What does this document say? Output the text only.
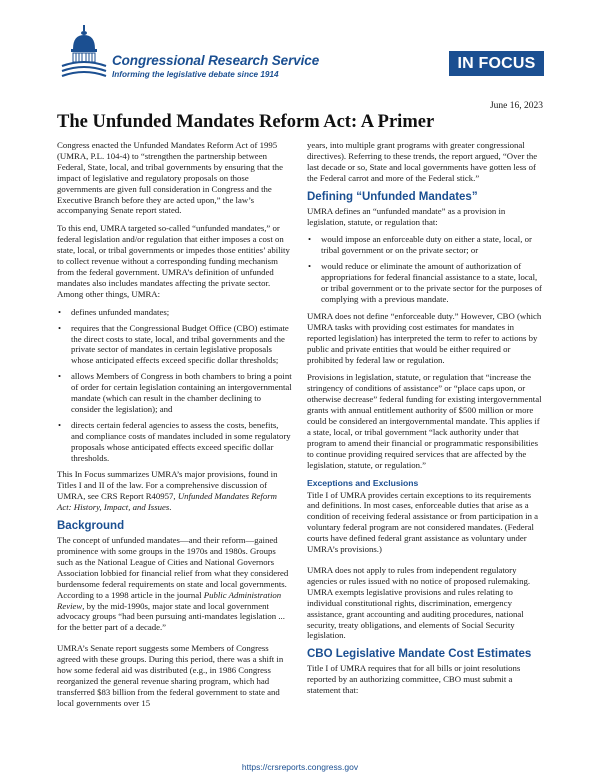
Congressional Research Service
Informing the legislative debate since 1914
IN FOCUS
June 16, 2023
The Unfunded Mandates Reform Act: A Primer

Congress enacted the Unfunded Mandates Reform Act of 1995 (UMRA, P.L. 104-4) to “strengthen the partnership between Federal, State, local, and tribal governments by ensuring that the impact of legislative and regulatory proposals on those governments are given full consideration in Congress and the Executive Branch before they are acted upon,” the law’s accompanying Senate report stated.

To this end, UMRA targeted so-called “unfunded mandates,” or federal legislation and/or regulation that either imposes a cost on state, local, or tribal governments or impedes those entities’ ability to collect revenue without a corresponding funding mechanism from the federal government. UMRA’s definition of unfunded mandates also includes mandates affecting the private sector. Among other things, UMRA:

• defines unfunded mandates;
• requires that the Congressional Budget Office (CBO) estimate the direct costs to state, local, and tribal governments and the private sector of mandates in certain legislative proposals whose anticipated effects exceed specific dollar thresholds;
• allows Members of Congress in both chambers to bring a point of order for certain legislation containing an intergovernmental mandate (which can result in the chamber declining to consider the legislation); and
• directs certain federal agencies to assess the costs, benefits, and compliance costs of mandates included in some regulatory proposals whose anticipated effects exceed specific dollar thresholds.

This In Focus summarizes UMRA’s major provisions, found in Titles I and II of the law. For a comprehensive discussion of UMRA, see CRS Report R40957, Unfunded Mandates Reform Act: History, Impact, and Issues.

Background

The concept of unfunded mandates—and their reform—gained prominence with some groups in the 1970s and 1980s. Groups such as the National League of Cities and National Governors Association lobbied for financial relief from what they considered burdensome federal requirements on state and local governments. According to a 1998 article in the journal Public Administration Review, by the mid-1990s, major state and local government advocacy groups “had been pursuing anti-mandates legislation ... for the better part of a decade.”

UMRA’s Senate report suggests some Members of Congress agreed with these groups. During this period, there was a shift in how some federal aid was distributed (e.g., in 1986 Congress reorganized the general revenue sharing program, which had transferred $83 billion from the federal government to state and local governments over 15

years, into multiple grant programs with greater congressional directives). Referring to these trends, the report argued, “Over the last decade or so, State and local governments have gotten less of the Federal carrot and more of the Federal stick.”

Defining “Unfunded Mandates”

UMRA defines an “unfunded mandate” as a provision in legislation, statute, or regulation that:

• would impose an enforceable duty on either a state, local, or tribal government or on the private sector; or
• would reduce or eliminate the amount of authorization of appropriations for federal financial assistance to a state, local, or tribal government or to the private sector for the purposes of complying with a previous mandate.

UMRA does not define “enforceable duty.” However, CBO (which UMRA tasks with providing cost estimates for mandates in reported legislation) has interpreted the term to refer to actions by public and private entities that would be either required or prohibited by federal law or regulation.

Provisions in legislation, statute, or regulation that “increase the stringency of conditions of assistance” or “place caps upon, or otherwise decrease” federal funding for existing intergovernmental grants with annual entitlement authority of $500 million or more could be considered an intergovernmental mandate. This applies if a state, local, or tribal government “lack authority under that program to amend their financial or programmatic responsibilities to continue providing required services that are affected by the legislation, statute, or regulation.”

Exceptions and Exclusions

Title I of UMRA provides certain exceptions to its requirements and definitions. In most cases, enforceable duties that arise as a condition of receiving federal assistance or from participation in a voluntary federal program are not considered mandates. (Federal courts have defined federal grant assistance as voluntary under UMRA’s provisions.)

UMRA does not apply to rules from independent regulatory agencies or rules issued with no notice of proposed rulemaking. UMRA exempts legislative provisions and rules relating to individual constitutional rights, discrimination, emergency assistance, grant accounting and auditing procedures, national security, treaty obligations, and elements of Social Security legislation.

CBO Legislative Mandate Cost Estimates

Title I of UMRA requires that for all bills or joint resolutions reported by an authorizing committee, CBO must submit a statement that:

https://crsreports.congress.gov
